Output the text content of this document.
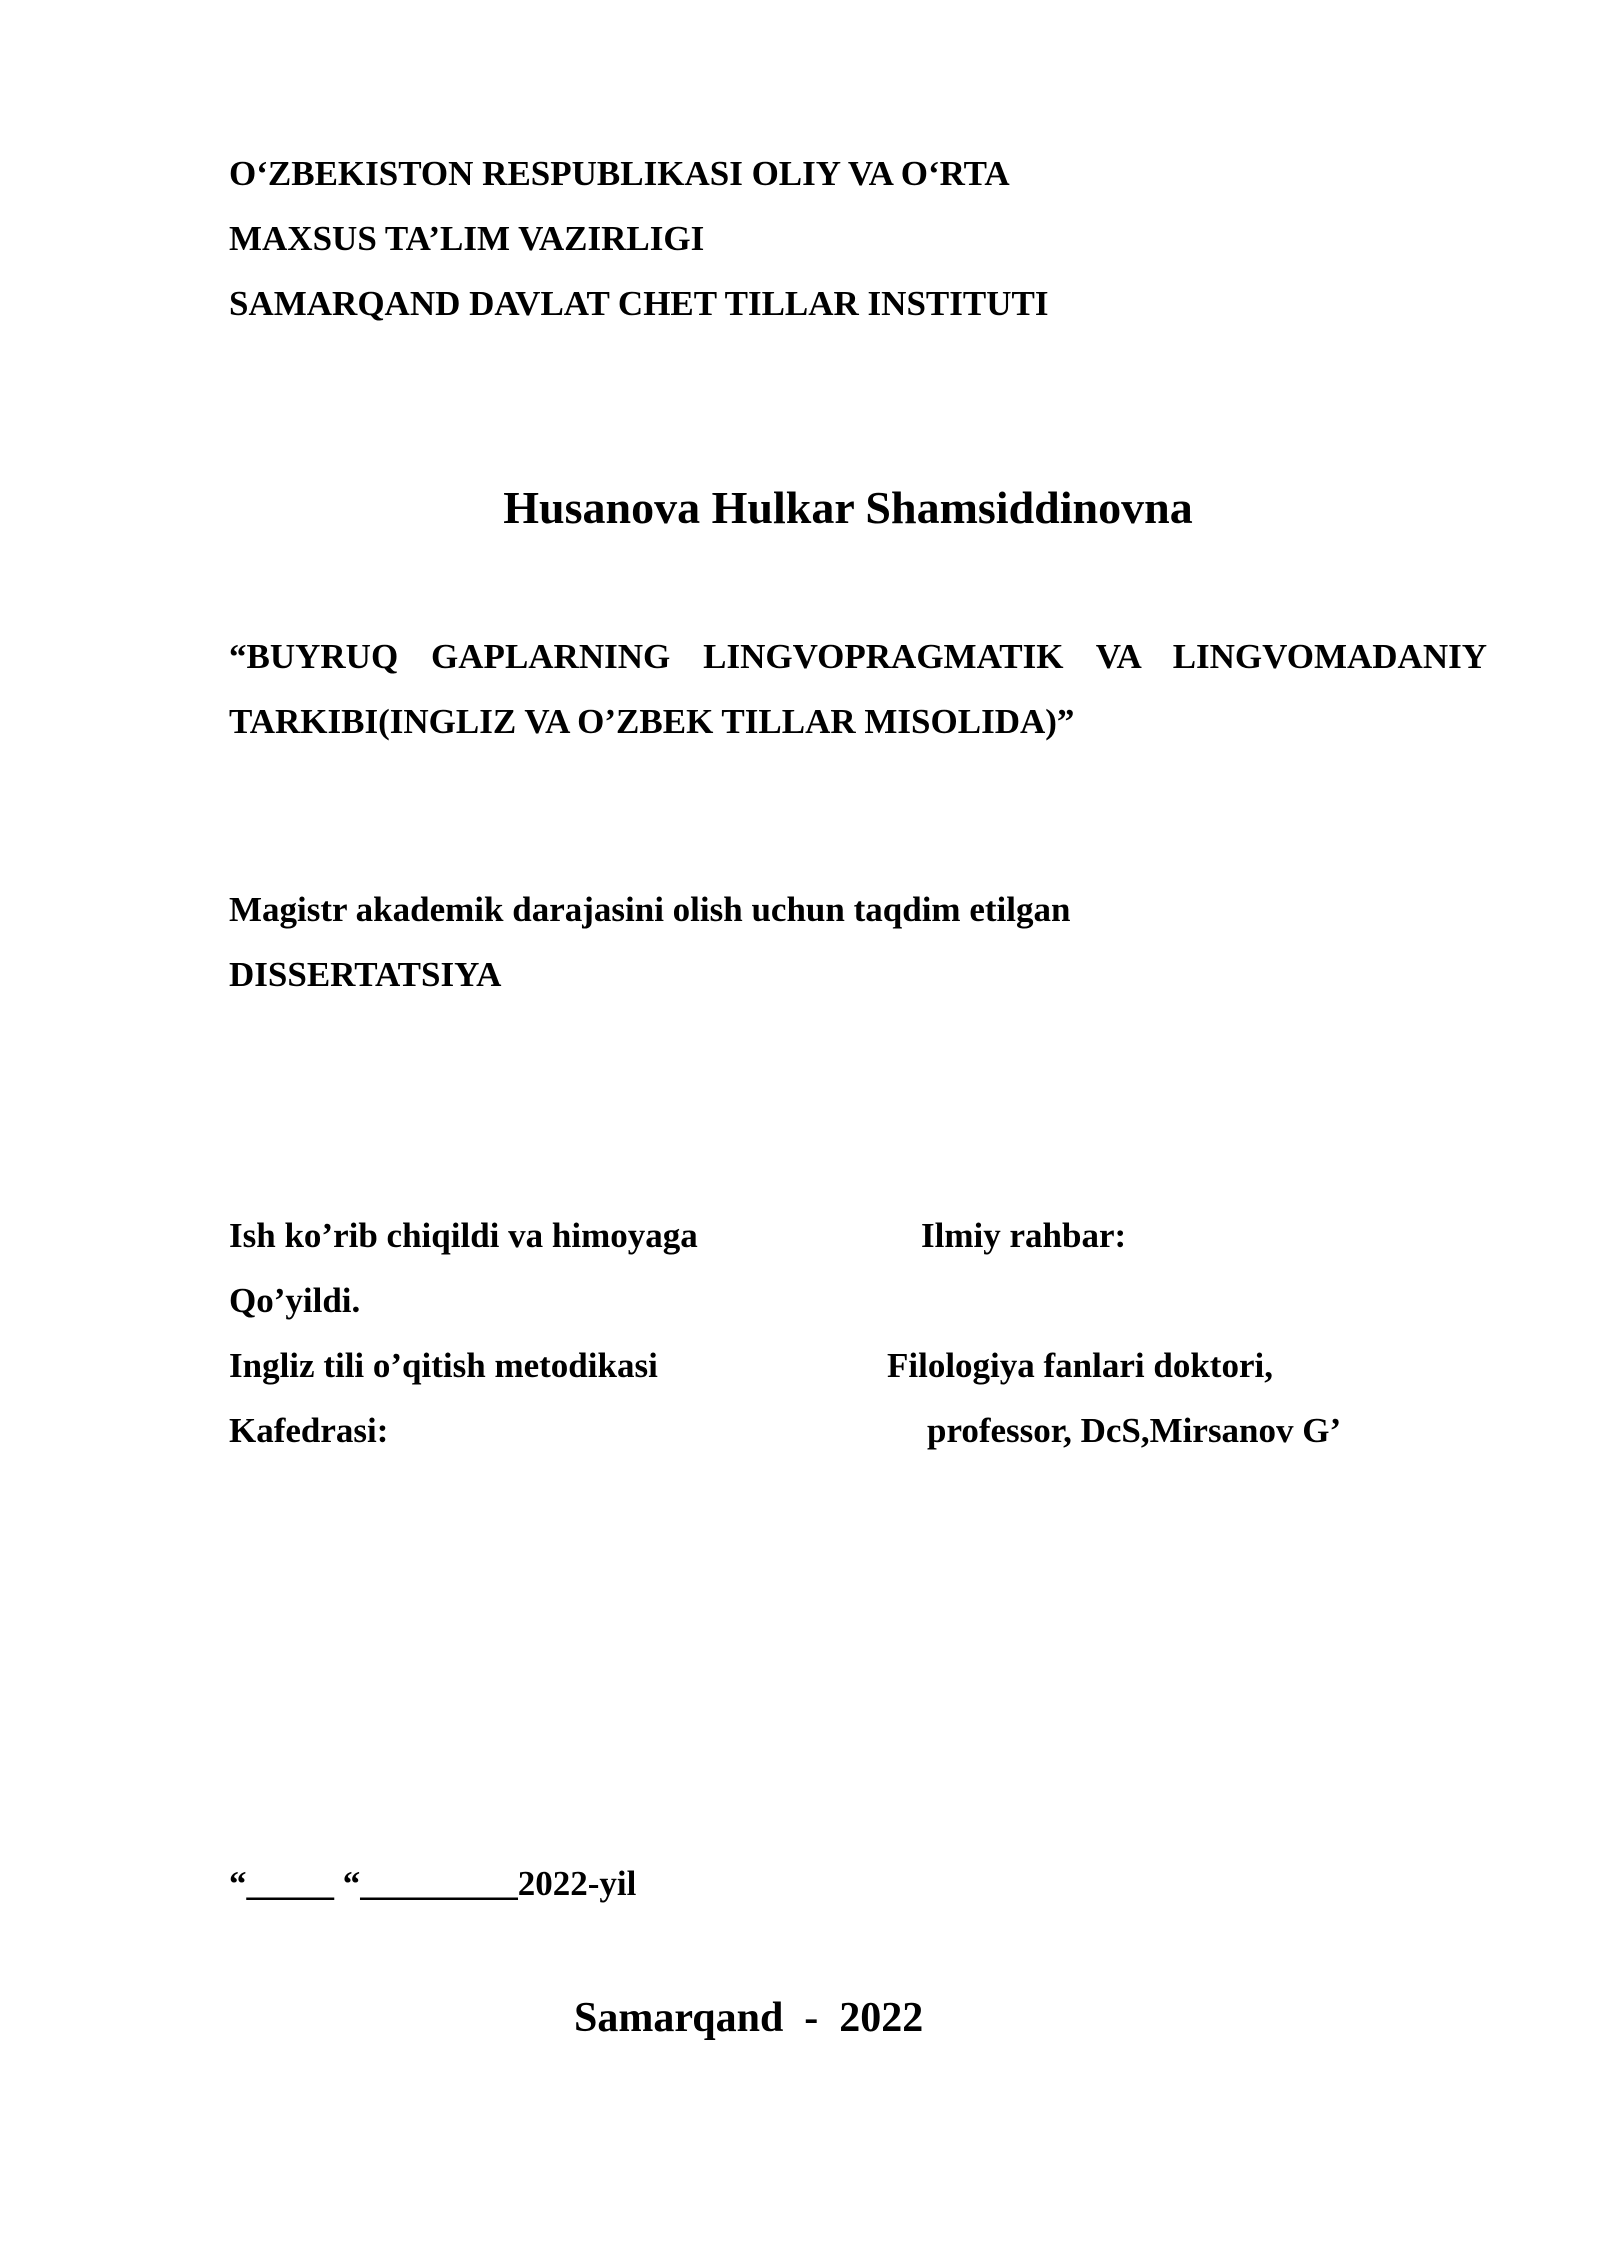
O‘ZBEKISTON RESPUBLIKASI OLIY VA O‘RTA
MAXSUS TA’LIM VAZIRLIGI
SAMARQAND DAVLAT CHET TILLAR INSTITUTI
Husanova Hulkar Shamsiddinovna
“BUYRUQ GAPLARNING LINGVOPRAGMATIK VA LINGVOMADANIY TARKIBI(INGLIZ VA O’ZBEK TILLAR MISOLIDA)”
Magistr akademik darajasini olish uchun taqdim etilgan
DISSERTATSIYA
Ish ko’rib chiqildi va himoyaga
Qo’yildi.
Ingliz tili o’qitish metodikasi
Kafedrasi:
Ilmiy rahbar:
Filologiya fanlari doktori,
professor, DcS,Mirsanov G’
“_____ “_________2022-yil
Samarqand  -  2022
